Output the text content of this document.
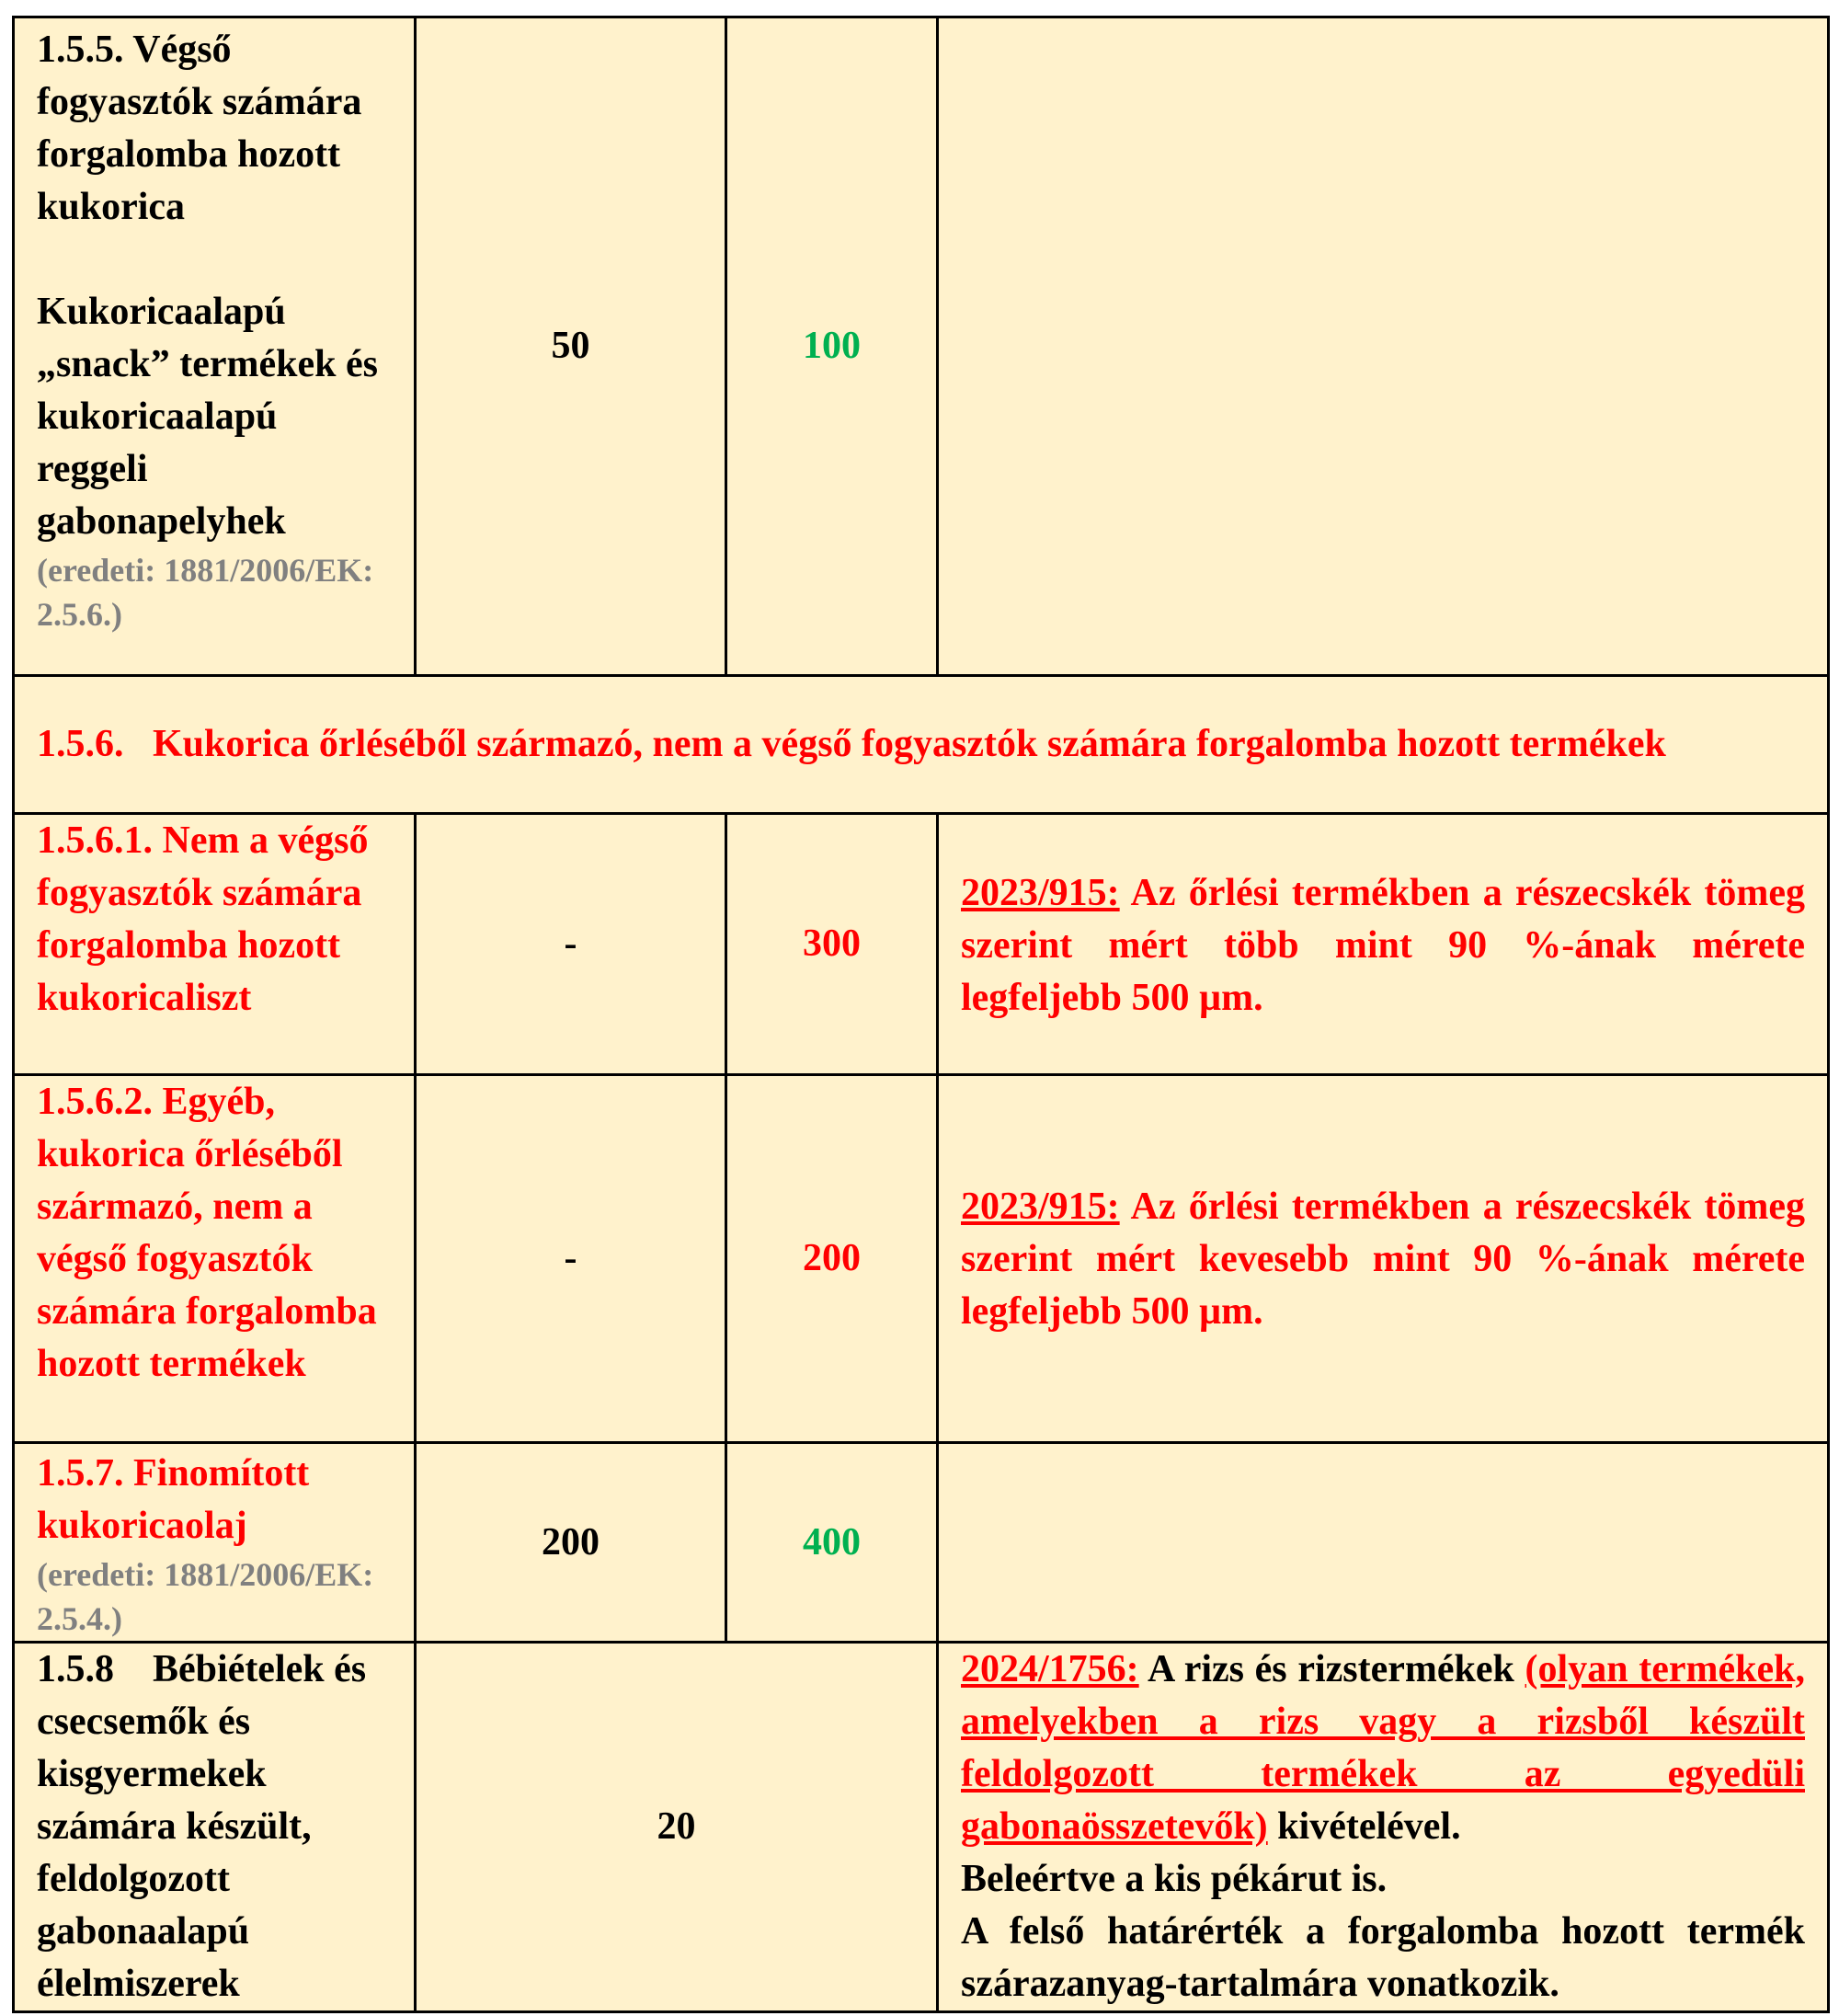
1.5.5. Végső fogyasztók számára forgalomba hozott kukorica
Kukoricaalapú „snack” termékek és kukoricaalapú reggeli gabonapelyhek
(eredeti: 1881/2006/EK: 2.5.6.)	50	100	
1.5.6.   Kukorica őrléséből származó, nem a végső fogyasztók számára forgalomba hozott termékek			
1.5.6.1. Nem a végső fogyasztók számára forgalomba hozott kukoricaliszt	-	300	2023/915: Az őrlési termékben a részecskék tömeg szerint mért több mint 90 %-ának mérete legfeljebb 500 µm.
1.5.6.2. Egyéb, kukorica őrléséből származó, nem a végső fogyasztók számára forgalomba hozott termékek	-	200	2023/915: Az őrlési termékben a részecskék tömeg szerint mért kevesebb mint 90 %-ának mérete legfeljebb 500 µm.

1.5.7. Finomított kukoricaolaj
(eredeti: 1881/2006/EK: 2.5.4.)	200	400	
1.5.8    Bébiételek és csecsemők és kisgyermekek számára készült, feldolgozott gabonaalapú élelmiszerek	20		2024/1756: A rizs és rizstermékek (olyan termékek, amelyekben a rizs vagy a rizsből készült feldolgozott termékek az egyedüli gabonaösszetevők) kivételével.
Beleértve a kis pékárut is.
A felső határérték a forgalomba hozott termék szárazanyag-tartalmára vonatkozik.
